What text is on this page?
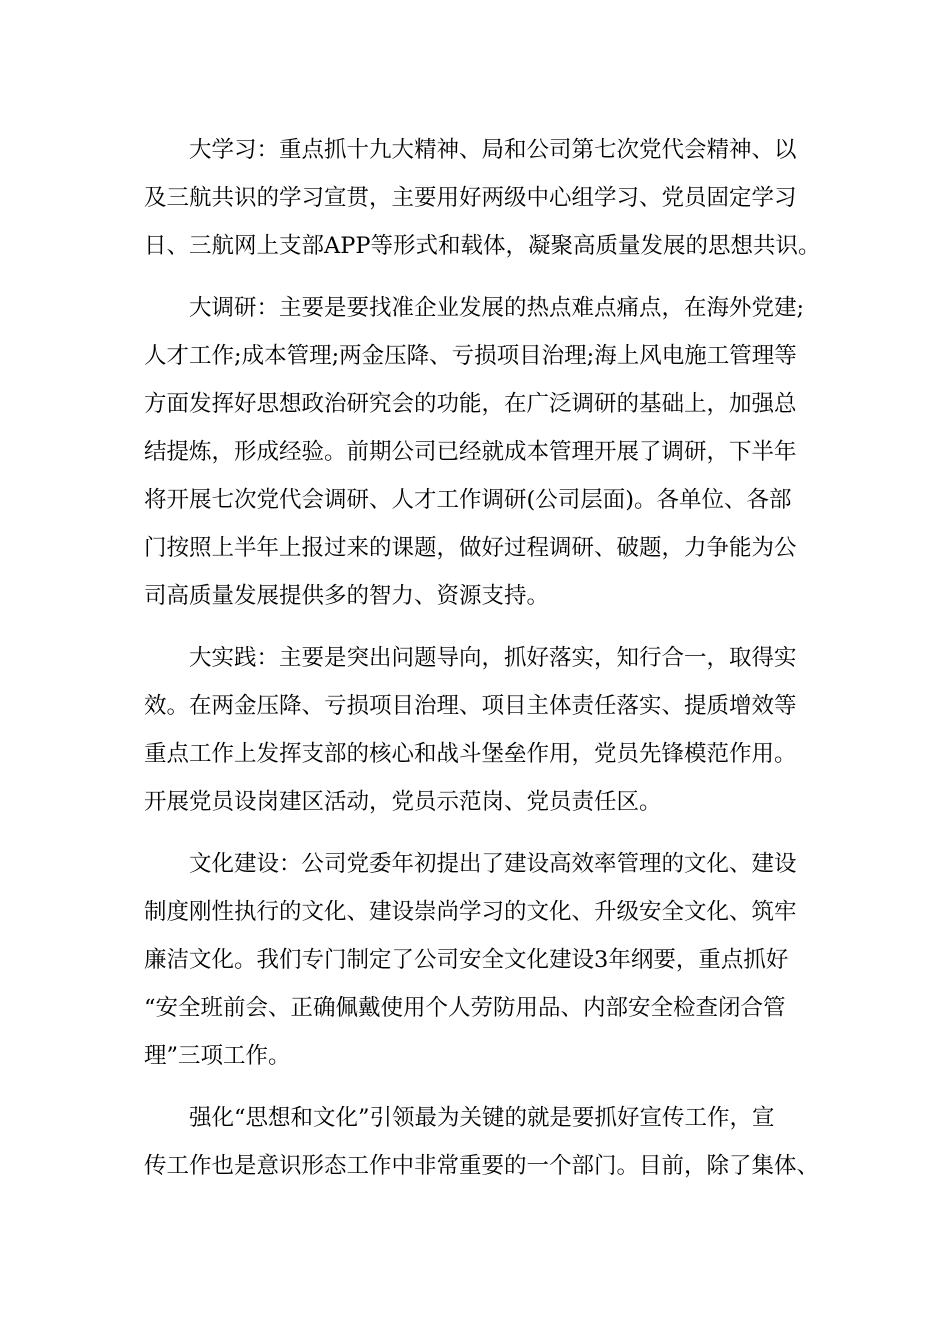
大学习：重点抓十九大精神、局和公司第七次党代会精神、以
及三航共识的学习宣贯，主要用好两级中心组学习、党员固定学习
日、三航网上支部APP等形式和载体，凝聚高质量发展的思想共识。
大调研：主要是要找准企业发展的热点难点痛点，在海外党建;
人才工作;成本管理;两金压降、亏损项目治理;海上风电施工管理等
方面发挥好思想政治研究会的功能，在广泛调研的基础上，加强总
结提炼，形成经验。前期公司已经就成本管理开展了调研，下半年
将开展七次党代会调研、人才工作调研(公司层面)。各单位、各部
门按照上半年上报过来的课题，做好过程调研、破题，力争能为公
司高质量发展提供多的智力、资源支持。
大实践：主要是突出问题导向，抓好落实，知行合一，取得实
效。在两金压降、亏损项目治理、项目主体责任落实、提质增效等
重点工作上发挥支部的核心和战斗堡垒作用，党员先锋模范作用。
开展党员设岗建区活动，党员示范岗、党员责任区。
文化建设：公司党委年初提出了建设高效率管理的文化、建设
制度刚性执行的文化、建设崇尚学习的文化、升级安全文化、筑牢
廉洁文化。我们专门制定了公司安全文化建设3年纲要，重点抓好
“安全班前会、正确佩戴使用个人劳防用品、内部安全检查闭合管
理”三项工作。
强化“思想和文化”引领最为关键的就是要抓好宣传工作，宣
传工作也是意识形态工作中非常重要的一个部门。目前，除了集体、
